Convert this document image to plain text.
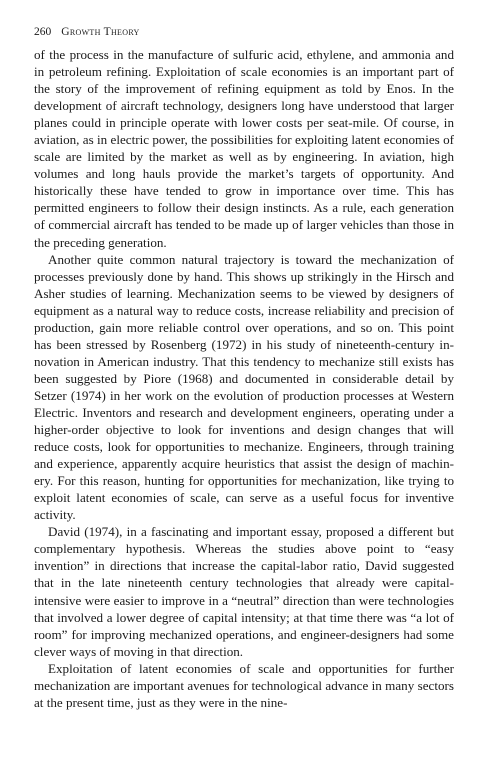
260 Growth Theory

of the process in the manufacture of sulfuric acid, ethylene, and ammonia and in petroleum refining. Exploitation of scale economies is an important part of the story of the improvement of refining equipment as told by Enos. In the development of aircraft technology, designers long have understood that larger planes could in principle operate with lower costs per seat-mile. Of course, in aviation, as in electric power, the possibilities for exploiting latent economies of scale are limited by the market as well as by engineering. In aviation, high volumes and long hauls provide the market’s targets of opportunity. And historically these have tended to grow in importance over time. This has permitted engineers to follow their design instincts. As a rule, each generation of commercial aircraft has tended to be made up of larger vehicles than those in the preceding generation.

Another quite common natural trajectory is toward the mechanization of processes previously done by hand. This shows up strikingly in the Hirsch and Asher studies of learning. Mechanization seems to be viewed by designers of equipment as a natural way to reduce costs, increase reliability and precision of production, gain more reliable control over operations, and so on. This point has been stressed by Rosenberg (1972) in his study of nineteenth-century innovation in American industry. That this tendency to mechanize still exists has been suggested by Piore (1968) and documented in considerable detail by Setzer (1974) in her work on the evolution of production processes at Western Electric. Inventors and research and development engineers, operating under a higher-order objective to look for inventions and design changes that will reduce costs, look for opportunities to mechanize. Engineers, through training and experience, apparently acquire heuristics that assist the design of machinery. For this reason, hunting for opportunities for mechanization, like trying to exploit latent economies of scale, can serve as a useful focus for inventive activity.

David (1974), in a fascinating and important essay, proposed a different but complementary hypothesis. Whereas the studies above point to “easy invention” in directions that increase the capital-labor ratio, David suggested that in the late nineteenth century technologies that already were capital-intensive were easier to improve in a “neutral” direction than were technologies that involved a lower degree of capital intensity; at that time there was “a lot of room” for improving mechanized operations, and engineer-designers had some clever ways of moving in that direction.

Exploitation of latent economies of scale and opportunities for further mechanization are important avenues for technological advance in many sectors at the present time, just as they were in the nine-
